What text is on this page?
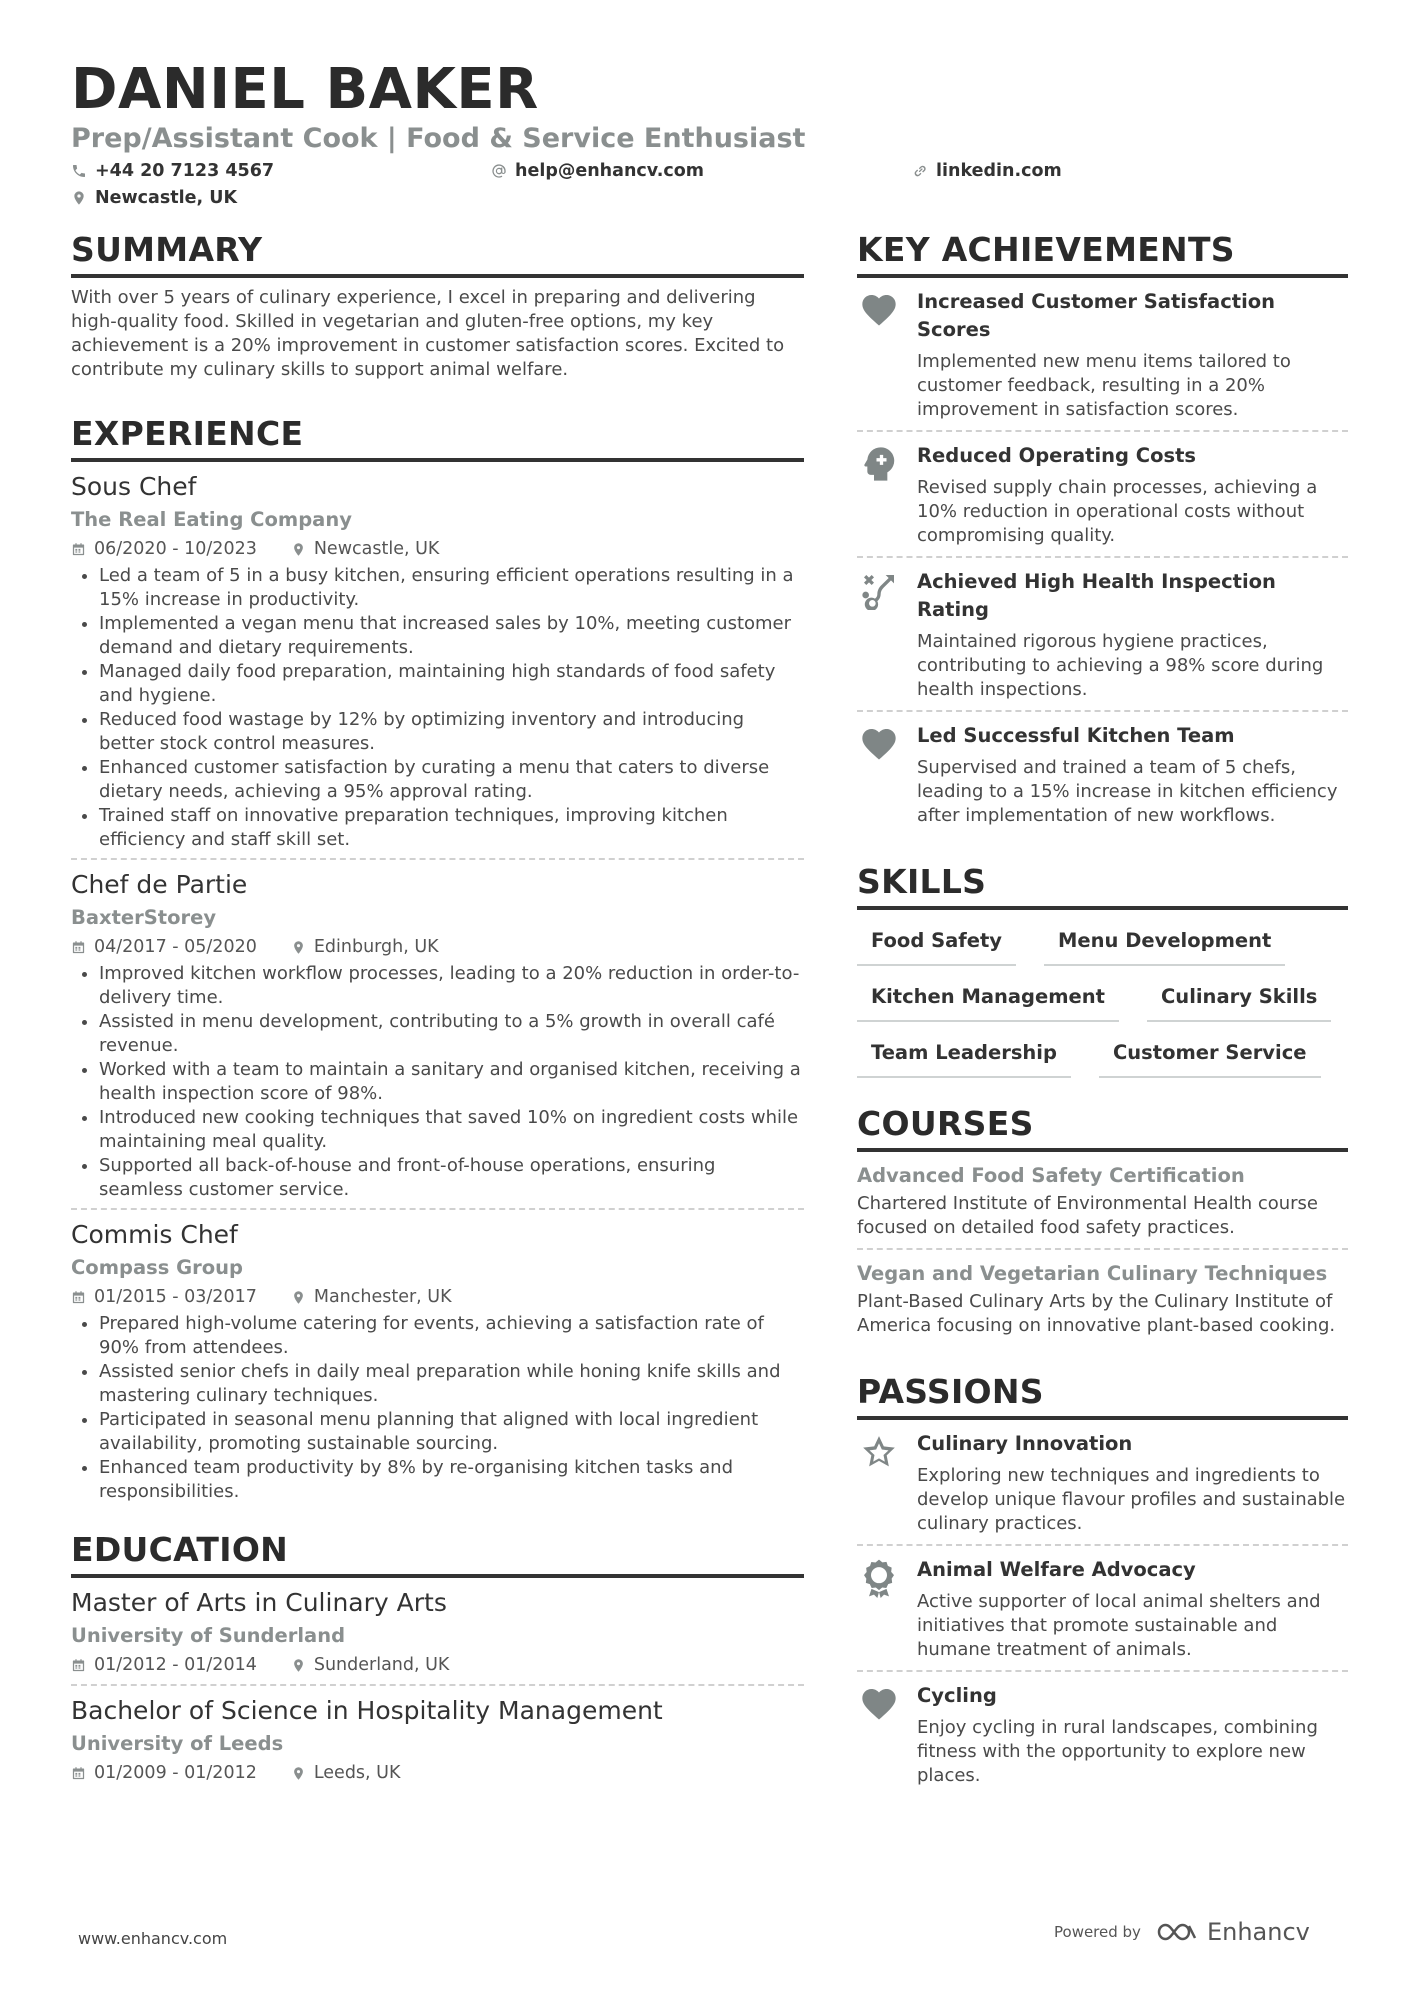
DANIEL BAKER
Prep/Assistant Cook | Food & Service Enthusiast
+44 20 7123 4567	help@enhancv.com	linkedin.com
Newcastle, UK
SUMMARY
With over 5 years of culinary experience, I excel in preparing and delivering high-quality food. Skilled in vegetarian and gluten-free options, my key achievement is a 20% improvement in customer satisfaction scores. Excited to contribute my culinary skills to support animal welfare.
EXPERIENCE
Sous Chef
The Real Eating Company
06/2020 - 10/2023	Newcastle, UK
• Led a team of 5 in a busy kitchen, ensuring efficient operations resulting in a 15% increase in productivity.
• Implemented a vegan menu that increased sales by 10%, meeting customer demand and dietary requirements.
• Managed daily food preparation, maintaining high standards of food safety and hygiene.
• Reduced food wastage by 12% by optimizing inventory and introducing better stock control measures.
• Enhanced customer satisfaction by curating a menu that caters to diverse dietary needs, achieving a 95% approval rating.
• Trained staff on innovative preparation techniques, improving kitchen efficiency and staff skill set.
Chef de Partie
BaxterStorey
04/2017 - 05/2020	Edinburgh, UK
• Improved kitchen workflow processes, leading to a 20% reduction in order-to-delivery time.
• Assisted in menu development, contributing to a 5% growth in overall café revenue.
• Worked with a team to maintain a sanitary and organised kitchen, receiving a health inspection score of 98%.
• Introduced new cooking techniques that saved 10% on ingredient costs while maintaining meal quality.
• Supported all back-of-house and front-of-house operations, ensuring seamless customer service.
Commis Chef
Compass Group
01/2015 - 03/2017	Manchester, UK
• Prepared high-volume catering for events, achieving a satisfaction rate of 90% from attendees.
• Assisted senior chefs in daily meal preparation while honing knife skills and mastering culinary techniques.
• Participated in seasonal menu planning that aligned with local ingredient availability, promoting sustainable sourcing.
• Enhanced team productivity by 8% by re-organising kitchen tasks and responsibilities.
EDUCATION
Master of Arts in Culinary Arts
University of Sunderland
01/2012 - 01/2014	Sunderland, UK
Bachelor of Science in Hospitality Management
University of Leeds
01/2009 - 01/2012	Leeds, UK
KEY ACHIEVEMENTS
Increased Customer Satisfaction Scores
Implemented new menu items tailored to customer feedback, resulting in a 20% improvement in satisfaction scores.
Reduced Operating Costs
Revised supply chain processes, achieving a 10% reduction in operational costs without compromising quality.
Achieved High Health Inspection Rating
Maintained rigorous hygiene practices, contributing to achieving a 98% score during health inspections.
Led Successful Kitchen Team
Supervised and trained a team of 5 chefs, leading to a 15% increase in kitchen efficiency after implementation of new workflows.
SKILLS
Food Safety	Menu Development
Kitchen Management	Culinary Skills
Team Leadership	Customer Service
COURSES
Advanced Food Safety Certification
Chartered Institute of Environmental Health course focused on detailed food safety practices.
Vegan and Vegetarian Culinary Techniques
Plant-Based Culinary Arts by the Culinary Institute of America focusing on innovative plant-based cooking.
PASSIONS
Culinary Innovation
Exploring new techniques and ingredients to develop unique flavour profiles and sustainable culinary practices.
Animal Welfare Advocacy
Active supporter of local animal shelters and initiatives that promote sustainable and humane treatment of animals.
Cycling
Enjoy cycling in rural landscapes, combining fitness with the opportunity to explore new places.
www.enhancv.com	Powered by	Enhancv
